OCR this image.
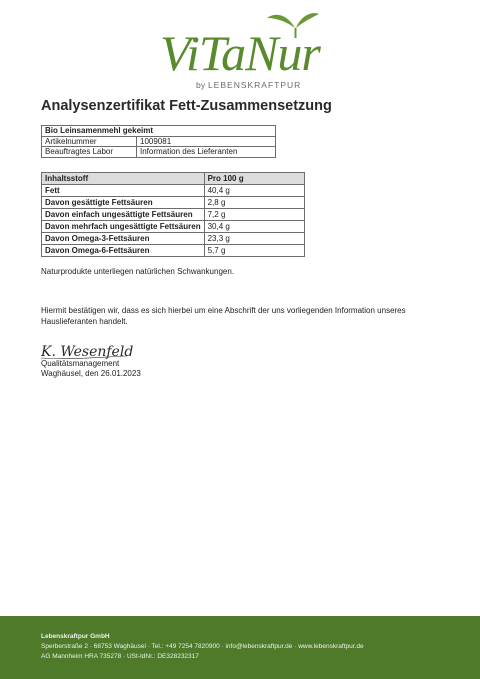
ViTaNur
by LEBENSKRAFTPUR
Analysenzertifikat Fett-Zusammensetzung
Bio Leinsamenmehl gekeimt	
Artikelnummer	1009081
Beauftragtes Labor	Information des Lieferanten
Inhaltsstoff	Pro 100 g
Fett	40,4 g
Davon gesättigte Fettsäuren	2,8 g
Davon einfach ungesättigte Fettsäuren	7,2 g
Davon mehrfach ungesättigte Fettsäuren	30,4 g
Davon Omega-3-Fettsäuren	23,3 g
Davon Omega-6-Fettsäuren	5,7 g
Naturprodukte unterliegen natürlichen Schwankungen.
Hiermit bestätigen wir, dass es sich hierbei um eine Abschrift der uns vorliegenden Information unseres Hauslieferanten handelt.
K. Wesenfeld
Qualitätsmanagement
Waghäusel, den 26.01.2023
Lebenskraftpur GmbH
Sperberstraße 2 · 68753 Waghäusel · Tel.: +49 7254 7820900 · info@lebenskraftpur.de · www.lebenskraftpur.de
AG Mannheim HRA 735278 · USt-IdNr.: DE328232317
